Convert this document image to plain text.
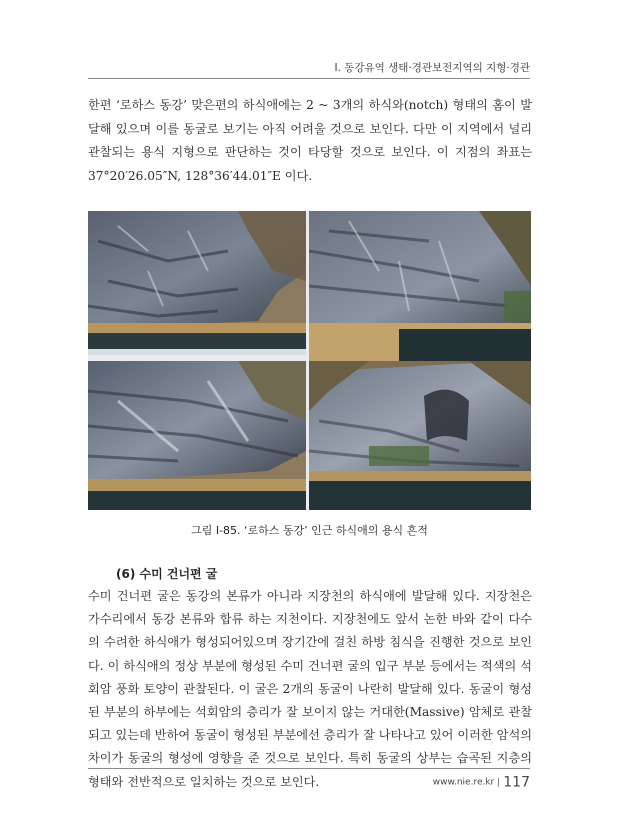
I. 동강유역 생태·경관보전지역의 지형·경관

한편 ‘로하스 동강’ 맞은편의 하식애에는 2 ~ 3개의 하식와(notch) 형태의 홈이 발달해 있으며 이를 동굴로 보기는 아직 어려울 것으로 보인다. 다만 이 지역에서 널리 관찰되는 용식 지형으로 판단하는 것이 타당할 것으로 보인다. 이 지점의 좌표는 37°20′26.05″N, 128°36′44.01″E 이다.

그림 I-85. ‘로하스 동강’ 인근 하식애의 용식 흔적
(6) 수미 건너편 굴

수미 건너편 굴은 동강의 본류가 아니라 지장천의 하식애에 발달해 있다. 지장천은 가수리에서 동강 본류와 합류 하는 지천이다. 지장천에도 앞서 논한 바와 같이 다수의 수려한 하식애가 형성되어있으며 장기간에 걸친 하방 침식을 진행한 것으로 보인다. 이 하식애의 정상 부분에 형성된 수미 건너편 굴의 입구 부분 등에서는 적색의 석회암 풍화 토양이 관찰된다. 이 굴은 2개의 동굴이 나란히 발달해 있다. 동굴이 형성된 부분의 하부에는 석회암의 층리가 잘 보이지 않는 거대한(Massive) 암체로 관찰되고 있는데 반하여 동굴이 형성된 부분에선 층리가 잘 나타나고 있어 이러한 암석의 차이가 동굴의 형성에 영향을 준 것으로 보인다. 특히 동굴의 상부는 습곡된 지층의 형태와 전반적으로 일치하는 것으로 보인다.	www.nie.re.kr 117
